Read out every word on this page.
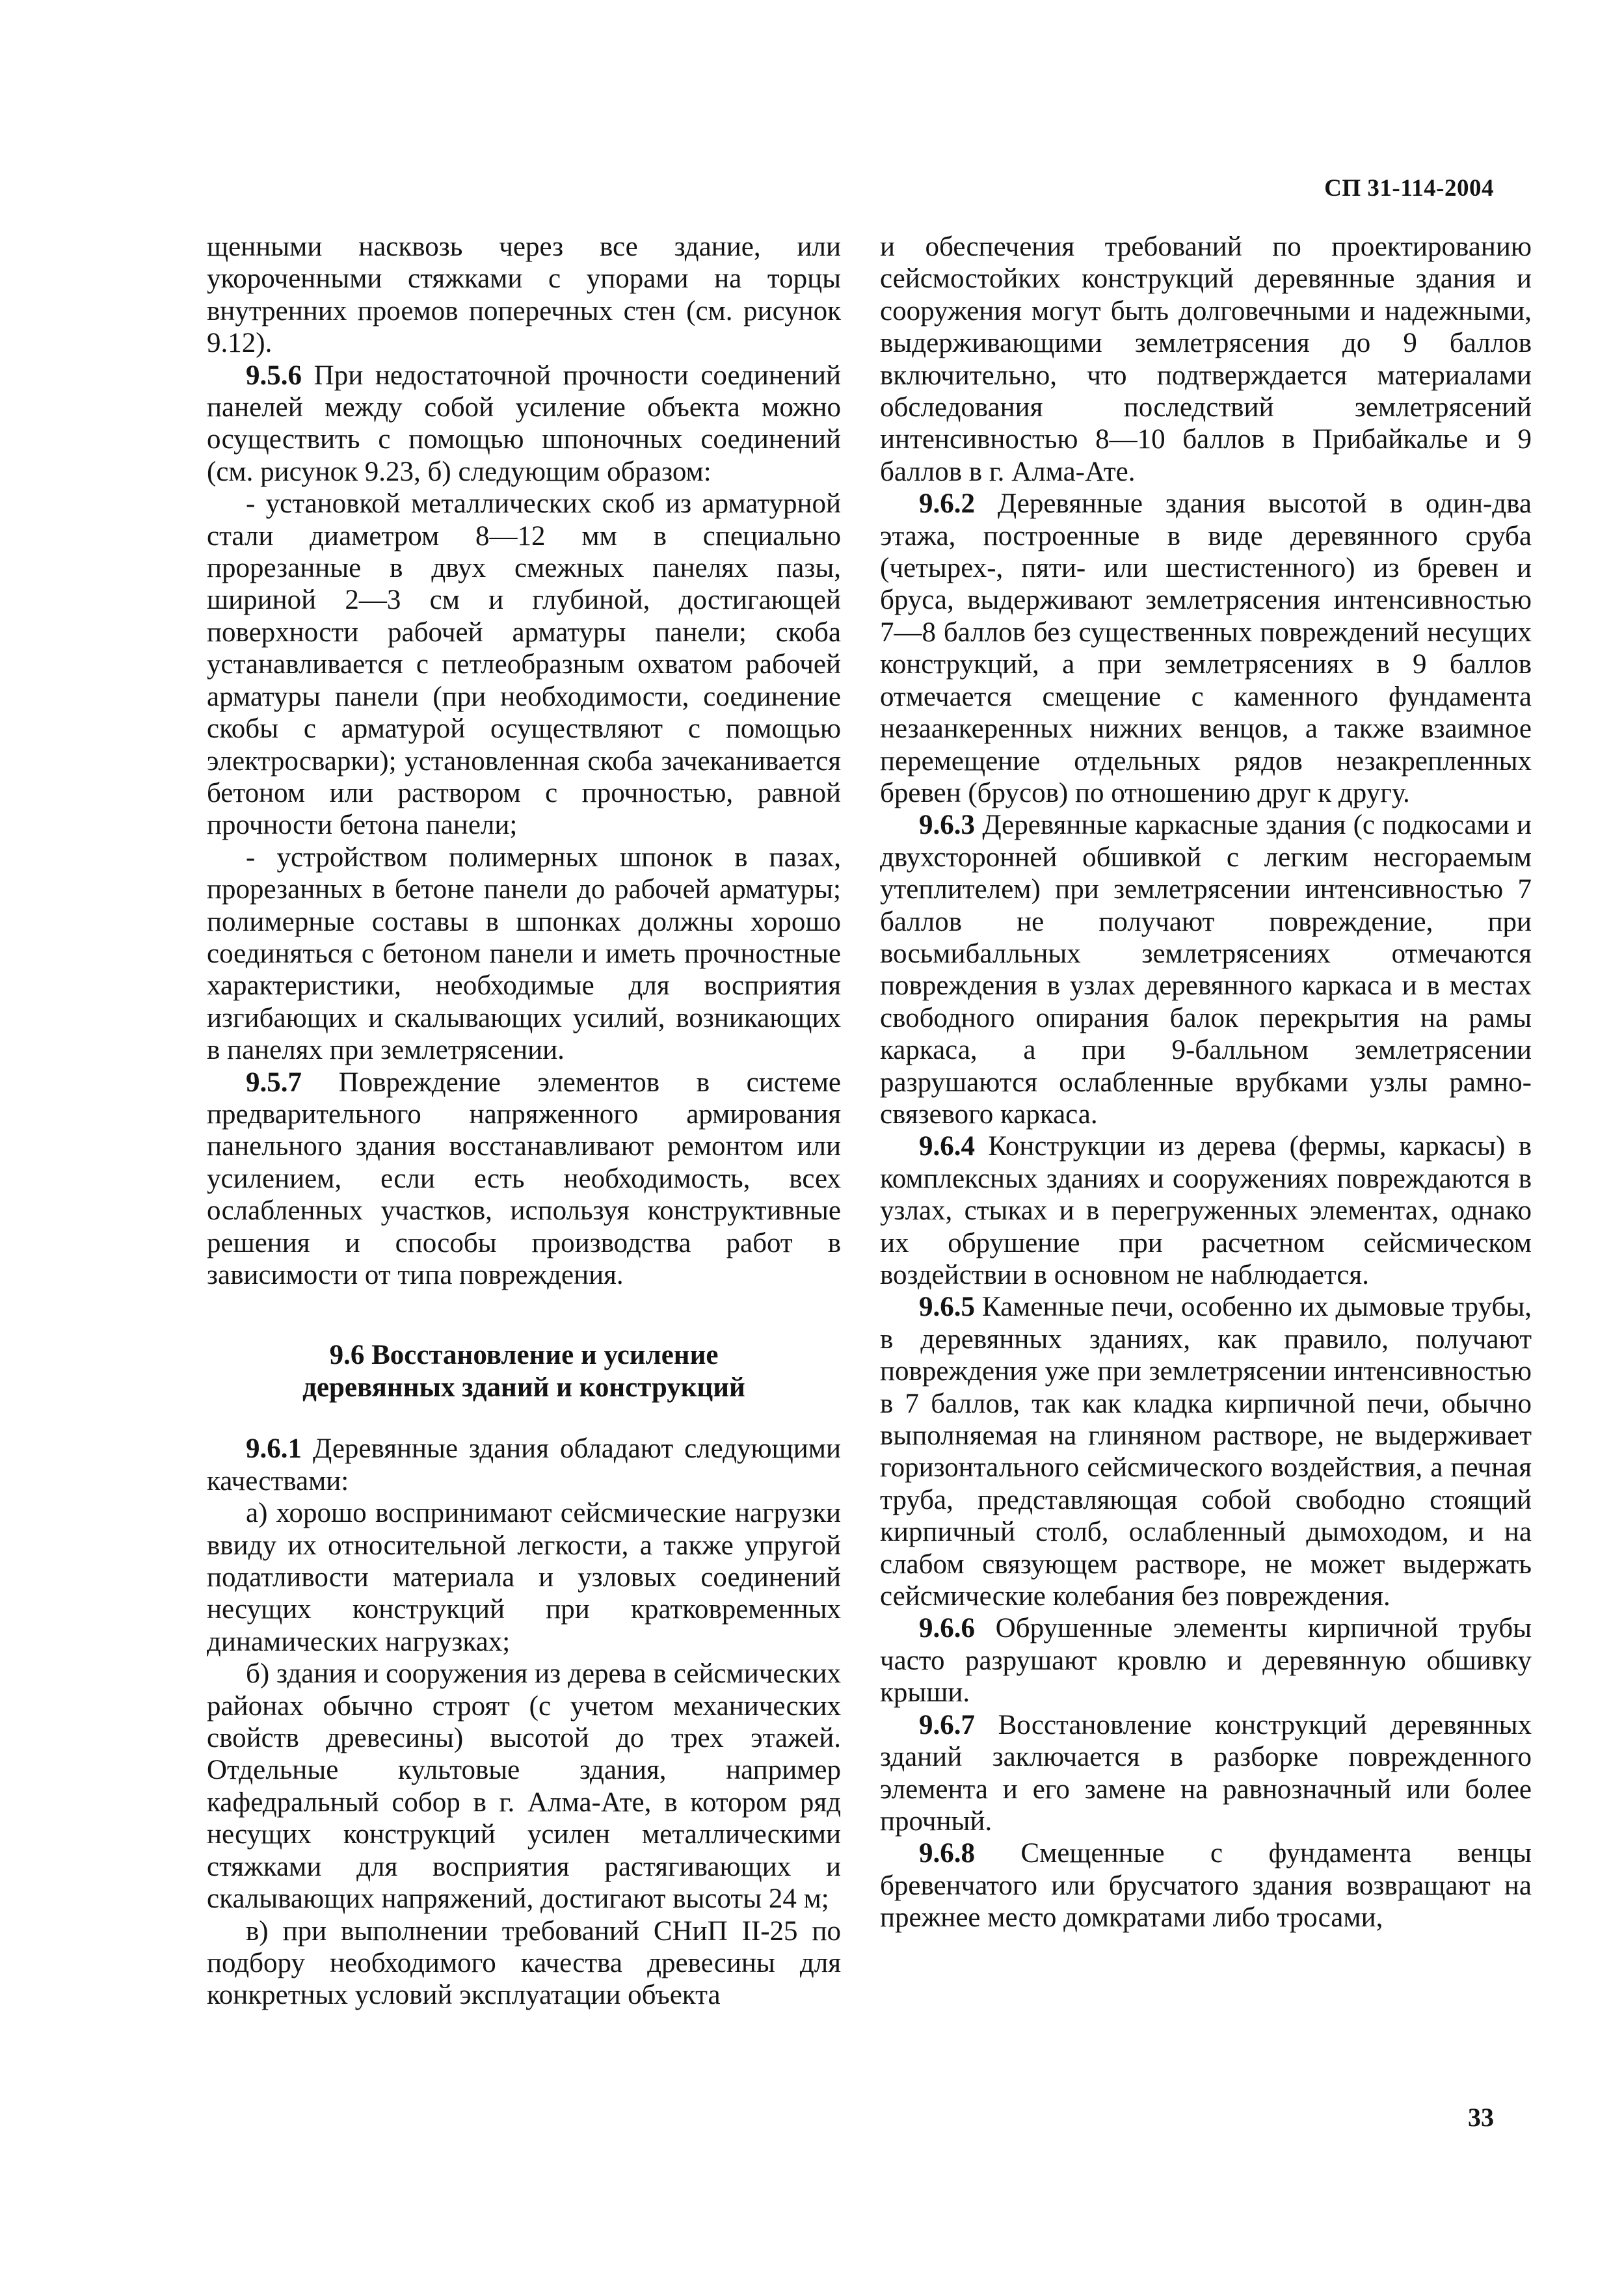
СП 31-114-2004

щенными насквозь через все здание, или укороченными стяжками с упорами на торцы внутренних проемов поперечных стен (см. рисунок 9.12).

9.5.6 При недостаточной прочности соединений панелей между собой усиление объекта можно осуществить с помощью шпоночных соединений (см. рисунок 9.23, б) следующим образом:

- установкой металлических скоб из арматурной стали диаметром 8—12 мм в специально прорезанные в двух смежных панелях пазы, шириной 2—3 см и глубиной, достигающей поверхности рабочей арматуры панели; скоба устанавливается с петлеобразным охватом рабочей арматуры панели (при необходимости, соединение скобы с арматурой осуществляют с помощью электросварки); установленная скоба зачеканивается бетоном или раствором с прочностью, равной прочности бетона панели;

- устройством полимерных шпонок в пазах, прорезанных в бетоне панели до рабочей арматуры; полимерные составы в шпонках должны хорошо соединяться с бетоном панели и иметь прочностные характеристики, необходимые для восприятия изгибающих и скалывающих усилий, возникающих в панелях при землетрясении.

9.5.7 Повреждение элементов в системе предварительного напряженного армирования панельного здания восстанавливают ремонтом или усилением, если есть необходимость, всех ослабленных участков, используя конструктивные решения и способы производства работ в зависимости от типа повреждения.

9.6 Восстановление и усиление
деревянных зданий и конструкций

9.6.1 Деревянные здания обладают следующими качествами:

а) хорошо воспринимают сейсмические нагрузки ввиду их относительной легкости, а также упругой податливости материала и узловых соединений несущих конструкций при кратковременных динамических нагрузках;

б) здания и сооружения из дерева в сейсмических районах обычно строят (с учетом механических свойств древесины) высотой до трех этажей. Отдельные культовые здания, например кафедральный собор в г. Алма-Ате, в котором ряд несущих конструкций усилен металлическими стяжками для восприятия растягивающих и скалывающих напряжений, достигают высоты 24 м;

в) при выполнении требований СНиП II-25 по подбору необходимого качества древесины для конкретных условий эксплуатации объекта

и обеспечения требований по проектированию сейсмостойких конструкций деревянные здания и сооружения могут быть долговечными и надежными, выдерживающими землетрясения до 9 баллов включительно, что подтверждается материалами обследования последствий землетрясений интенсивностью 8—10 баллов в Прибайкалье и 9 баллов в г. Алма-Ате.

9.6.2 Деревянные здания высотой в один-два этажа, построенные в виде деревянного сруба (четырех-, пяти- или шестистенного) из бревен и бруса, выдерживают землетрясения интенсивностью 7—8 баллов без существенных повреждений несущих конструкций, а при землетрясениях в 9 баллов отмечается смещение с каменного фундамента незаанкеренных нижних венцов, а также взаимное перемещение отдельных рядов незакрепленных бревен (брусов) по отношению друг к другу.

9.6.3 Деревянные каркасные здания (с подкосами и двухсторонней обшивкой с легким несгораемым утеплителем) при землетрясении интенсивностью 7 баллов не получают повреждение, при восьмибалльных землетрясениях отмечаются повреждения в узлах деревянного каркаса и в местах свободного опирания балок перекрытия на рамы каркаса, а при 9-балльном землетрясении разрушаются ослабленные врубками узлы рамно-связевого каркаса.

9.6.4 Конструкции из дерева (фермы, каркасы) в комплексных зданиях и сооружениях повреждаются в узлах, стыках и в перегруженных элементах, однако их обрушение при расчетном сейсмическом воздействии в основном не наблюдается.

9.6.5 Каменные печи, особенно их дымовые трубы, в деревянных зданиях, как правило, получают повреждения уже при землетрясении интенсивностью в 7 баллов, так как кладка кирпичной печи, обычно выполняемая на глиняном растворе, не выдерживает горизонтального сейсмического воздействия, а печная труба, представляющая собой свободно стоящий кирпичный столб, ослабленный дымоходом, и на слабом связующем растворе, не может выдержать сейсмические колебания без повреждения.

9.6.6 Обрушенные элементы кирпичной трубы часто разрушают кровлю и деревянную обшивку крыши.

9.6.7 Восстановление конструкций деревянных зданий заключается в разборке поврежденного элемента и его замене на равнозначный или более прочный.

9.6.8 Смещенные с фундамента венцы бревенчатого или брусчатого здания возвращают на прежнее место домкратами либо тросами,

33
